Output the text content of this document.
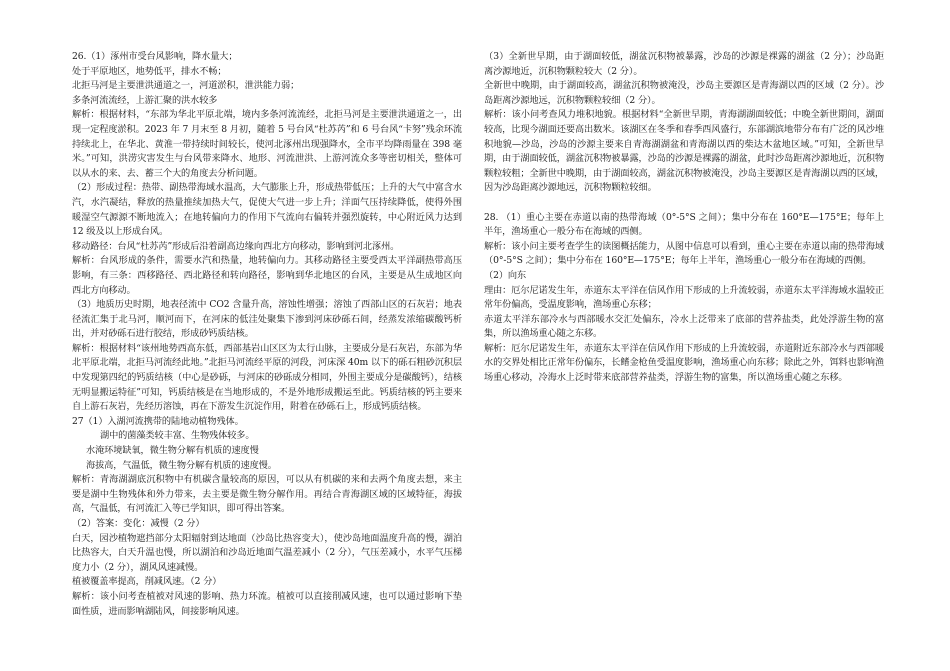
26.（1）涿州市受台风影响，降水量大；

处于平原地区，地势低平，排水不畅；

北拒马河是主要泄洪通道之一，河道淤积，泄洪能力弱；

多条河流流经，上游汇聚的洪水较多

解析：根据材料，“东部为华北平原北端，境内多条河流流经，北拒马河是主要泄洪通道之一，出现一定程度淤积。2023 年 7 月末至 8 月初，随着 5 号台风“杜苏芮”和 6 号台风“卡努”残余环流持续北上，在华北、黄淮一带持续时间较长，使河北涿州出现强降水，全市平均降雨量在 398 毫米。”可知，洪涝灾害发生与台风带来降水、地形、河流泄洪、上游河流众多等密切相关，整体可以从水的来、去、蓄三个大的角度去分析问题。

（2）形成过程：热带、副热带海域水温高，大气膨胀上升，形成热带低压；上升的大气中富含水汽，水汽凝结，释放的热量推续加热大气，促使大气进一步上升；洋面气压持续降低，使得外围暖湿空气源源不断地流入；在地转偏向力的作用下气流向右偏转并强烈旋转，中心附近风力达到 12 级及以上形成台风。

移动路径：台风“杜苏芮”形成后沿着副高边缘向西北方向移动，影响到河北涿州。

解析：台风形成的条件，需要水汽和热量，地转偏向力。其移动路径主要受西太平洋副热带高压影响，有三条：西移路径、西北路径和转向路径，影响到华北地区的台风，主要是从生成地区向西北方向移动。

（3）地质历史时期，地表径流中 CO2 含量升高，溶蚀性增强；溶蚀了西部山区的石灰岩；地表径流汇集于北马河，顺河而下，在河床的低洼处聚集下渗到河床砂砾石间，经蒸发浓缩碳酸钙析出，并对砂砾石进行胶结，形成砂钙质结核。

解析：根据材料“该州地势西高东低，西部基岩山区区为太行山脉，主要成分是石灰岩，东部为华北平原北端，北拒马河流经此地。”北拒马河流经平原的河段，河床深 40m 以下的砾石粗砂沉积层中发现第四纪的钙质结核（中心是砂砾，与河床的砂砾成分相同，外围主要成分是碳酸钙），结核无明显搬运特征”可知，钙质结核是在当地形成的，不是外地形成搬运至此。钙质结核的钙主要来自上游石灰岩，先经历溶蚀，再在下游发生沉淀作用，附着在砂砾石上，形成钙质结核。

27（1）入湖河流携带的陆地动植物残体。

湖中的菌藻类较丰富、生物残体较多。

水淹环境缺氧，微生物分解有机质的速度慢

海拔高，气温低，微生物分解有机质的速度慢。

解析：青海湖湖底沉积物中有机碳含量较高的原因，可以从有机碳的来和去两个角度去想，来主要是湖中生物残体和外力带来，去主要是微生物分解作用。再结合青海湖区域的区域特征，海拔高，气温低，有河流汇入等已学知识，即可得出答案。

（2）答案：变化：减慢（2 分）

白天，园沙植物遮挡部分太阳辐射到达地面（沙岛比热容变大），使沙岛地面温度升高的慢，湖泊比热容大，白天升温也慢，所以湖泊和沙岛近地面气温差减小（2 分），气压差减小，水平气压梯度力小（2 分），湖风风速减慢。

植被覆盖率提高，削减风速。（2 分）

解析：该小问考查植被对风速的影响、热力环流。植被可以直接削减风速，也可以通过影响下垫面性质，进而影响湖陆风，间接影响风速。

（3）全新世早期，由于湖面较低，湖盆沉积物被暴露，沙岛的沙源是裸露的湖盆（2 分）；沙岛距离沙源地近，沉积物颗粒较大（2 分）。

全新世中晚期，由于湖面较高，湖盆沉积物被淹没，沙岛主要源区是青海湖以西的区域（2 分）。沙岛距离沙源地远，沉积物颗粒较细（2 分）。

解析：该小问考查风力堆积地貌。根据材料“全新世早期，青海湖湖面较低；中晚全新世期间，湖面较高，比现今湖面还要高出数米。该湖区在冬季和春季西风盛行，东部湖滨地带分布有广泛的风沙堆积地貌—沙岛，沙岛的沙源主要来自青海湖湖盆和青海湖以西的柴达木盆地区域。”可知，全新世早期，由于湖面较低，湖盆沉积物被暴露，沙岛的沙源是裸露的湖盆，此时沙岛距离沙源地近，沉积物颗粒较粗；全新世中晚期，由于湖面较高，湖盆沉积物被淹没，沙岛主要源区是青海湖以西的区域，因为沙岛距离沙源地远，沉积物颗粒较细。

28. （1）重心主要在赤道以南的热带海域（0°-5°S 之间）；集中分布在 160°E—175°E；每年上半年，渔场重心一般分布在海域的西侧。

解析：该小问主要考查学生的读图概括能力，从图中信息可以看到，重心主要在赤道以南的热带海域（0°-5°S 之间）；集中分布在 160°E—175°E；每年上半年，渔场重心一般分布在海域的西侧。

（2）向东

理由：厄尔尼诺发生年，赤道东太平洋在信风作用下形成的上升流较弱，赤道东太平洋海域水温较正常年份偏高，受温度影响，渔场重心东移；

赤道太平洋东部冷水与西部暖水交汇处偏东，冷水上泛带来了底部的营养盐类，此处浮游生物的富集，所以渔场重心随之东移。

解析：厄尔尼诺发生年，赤道东太平洋在信风作用下形成的上升流较弱，赤道附近东部冷水与西部暖水的交界处相比正常年份偏东，长鳍金枪鱼受温度影响，渔场重心向东移；除此之外，饵料也影响渔场重心移动，冷海水上泛时带来底部营养盐类，浮游生物的富集，所以渔场重心随之东移。
